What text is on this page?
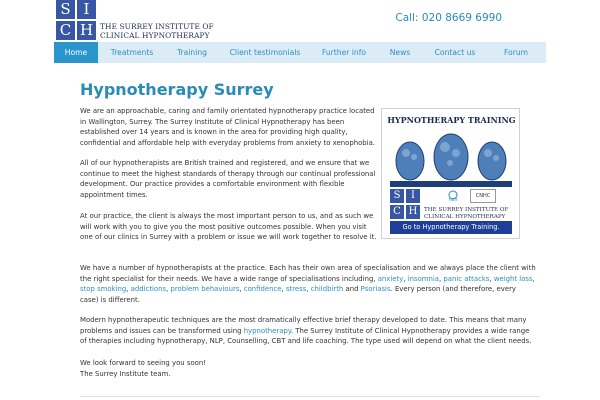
S I
C H THE SURREY INSTITUTE OF
CLINICAL HYPNOTHERAPY
Call: 020 8669 6990
Home	Treatments	Training	Client testimonials	Further info	News	Contact us	Forum
Hypnotherapy Surrey
We are an approachable, caring and family orientated hypnotherapy practice located
in Wallington, Surrey. The Surrey Institute of Clinical Hypnotherapy has been
established over 14 years and is known in the area for providing high quality,
confidential and affordable help with everyday problems from anxiety to xenophobia.
All of our hypnotherapists are British trained and registered, and we ensure that we
continue to meet the highest standards of therapy through our continual professional
development. Our practice provides a comfortable environment with flexible
appointment times.
At our practice, the client is always the most important person to us, and as such we
will work with you to give you the most positive outcomes possible. When you visit
one of our clinics in Surrey with a problem or issue we will work together to resolve it.
We have a number of hypnotherapists at the practice. Each has their own area of specialisation and we always place the client with
the right specialist for their needs. We have a wide range of specialisations including, anxiety, insomnia, panic attacks, weight loss,
stop smoking, addictions, problem behaviours, confidence, stress, childbirth and Psoriasis. Every person (and therefore, every
case) is different.
Modern hypnotherapeutic techniques are the most dramatically effective brief therapy developed to date. This means that many
problems and issues can be transformed using hypnotherapy. The Surrey Institute of Clinical Hypnotherapy provides a wide range
of therapies including hypnotherapy, NLP, Counselling, CBT and life coaching. The type used will depend on what the client needs.
We look forward to seeing you soon!
The Surrey Institute team.
HYPNOTHERAPY TRAINING
S	I
C H
nch
CNHC
THE SURREY INSTITUTE OF
CLINICAL HYPNOTHERAPY
Go to Hypnotherapy Training.
